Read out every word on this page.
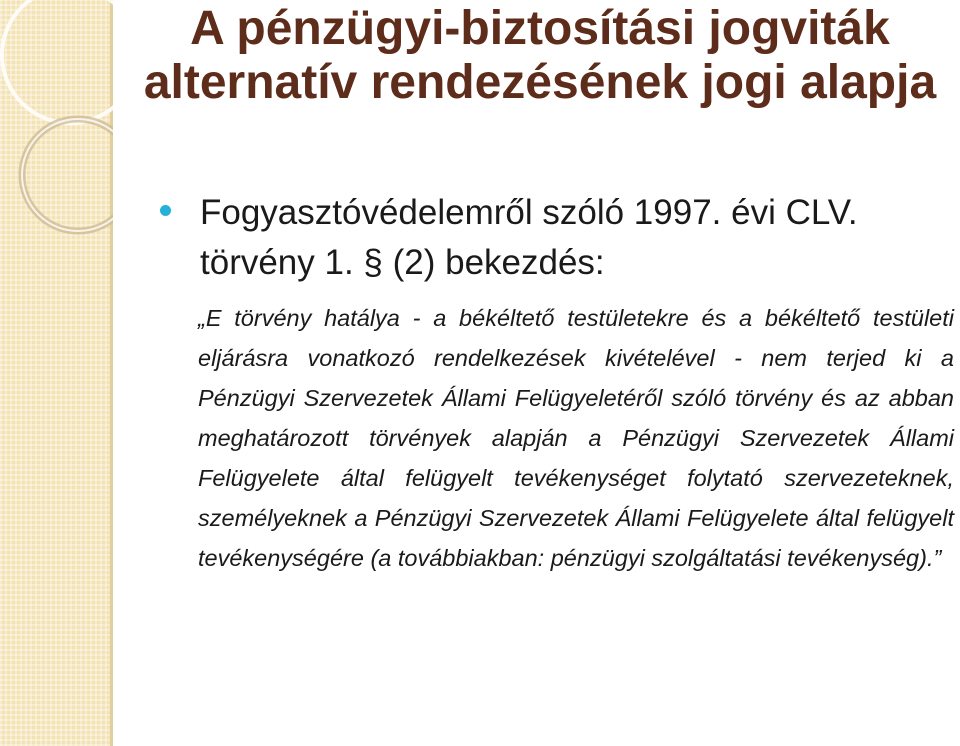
A pénzügyi-biztosítási jogviták alternatív rendezésének jogi alapja

Fogyasztóvédelemről szóló 1997. évi CLV. törvény 1. § (2) bekezdés:

„E törvény hatálya - a békéltető testületekre és a békéltető testületi eljárásra vonatkozó rendelkezések kivételével - nem terjed ki a Pénzügyi Szervezetek Állami Felügyeletéről szóló törvény és az abban meghatározott törvények alapján a Pénzügyi Szervezetek Állami Felügyelete által felügyelt tevékenységet folytató szervezeteknek, személyeknek a Pénzügyi Szervezetek Állami Felügyelete által felügyelt tevékenységére (a továbbiakban: pénzügyi szolgáltatási tevékenység).”
